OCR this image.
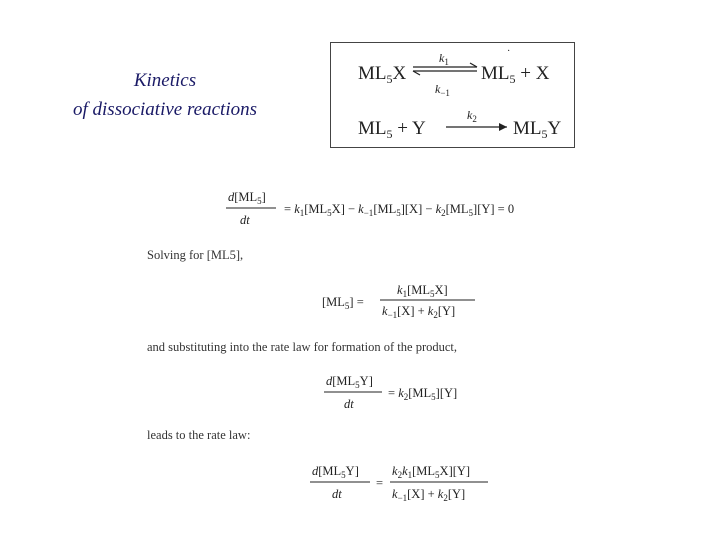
Kinetics
of dissociative reactions
$ML_5X$
$k_1$
$k_{-1}$
$ML_5 + X$
·
$ML_5 + Y$
$k_2$ $ML_5Y$
$d[ML_5]$
dt
= $k_1[ML_5X] - k_{-1}[ML_5][X] - k_2[ML_5][Y] = 0$
Solving for [ML5],
$[ML_5]$ =
$k_1[ML_5X]$
$k_{-1}[X] + k_2[Y]$
and substituting into the rate law for formation of the product,
$d[ML_5Y]$
dt
= $k_2[ML_5][Y]$
leads to the rate law:
$d[ML_5Y]$
dt
=
$k_2k_1[ML_5X][Y]$
$k_{-1}[X] + k_2[Y]$
